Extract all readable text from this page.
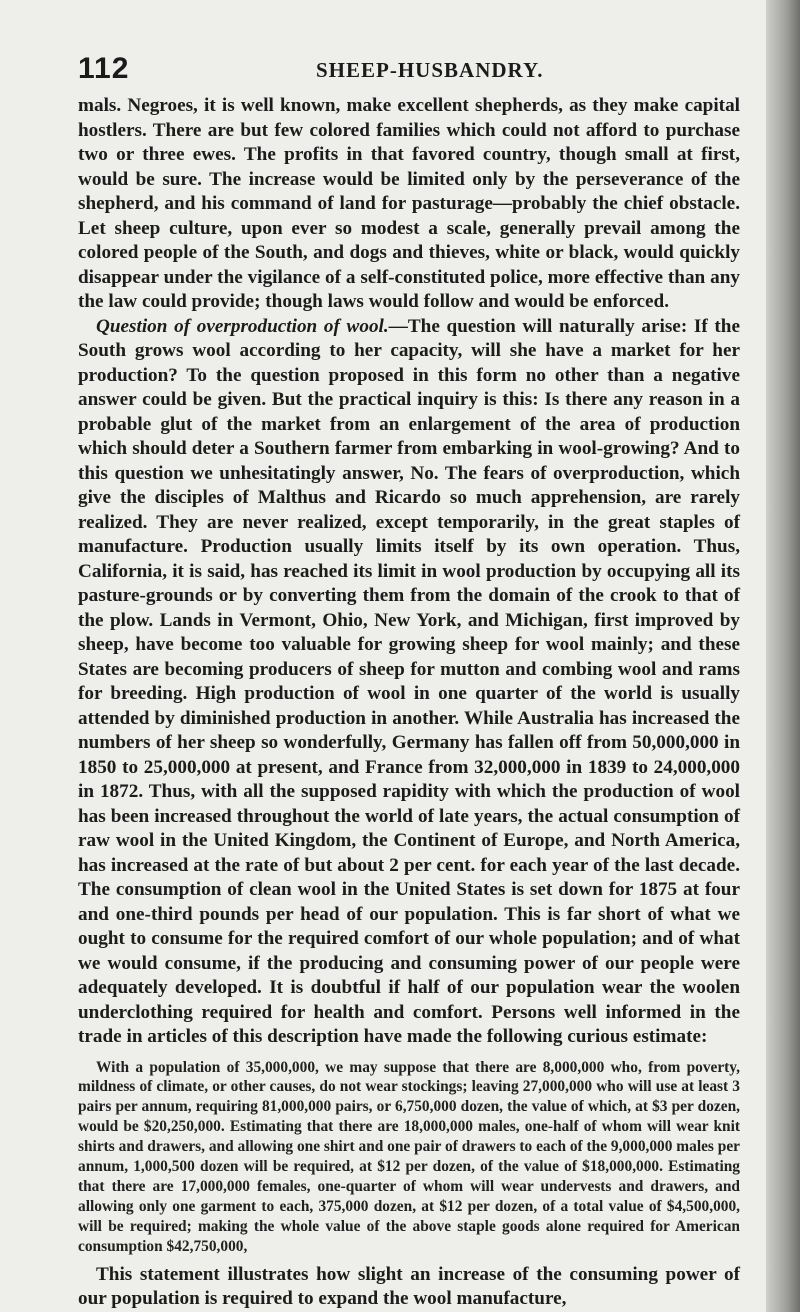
112	SHEEP-HUSBANDRY.

mals. Negroes, it is well known, make excellent shepherds, as they make capital hostlers. There are but few colored families which could not afford to purchase two or three ewes. The profits in that favored country, though small at first, would be sure. The increase would be limited only by the perseverance of the shepherd, and his command of land for pasturage—probably the chief obstacle. Let sheep culture, upon ever so modest a scale, generally prevail among the colored people of the South, and dogs and thieves, white or black, would quickly disappear under the vigilance of a self-constituted police, more effective than any the law could provide; though laws would follow and would be enforced.

Question of overproduction of wool.—The question will naturally arise: If the South grows wool according to her capacity, will she have a market for her production? To the question proposed in this form no other than a negative answer could be given. But the practical inquiry is this: Is there any reason in a probable glut of the market from an enlargement of the area of production which should deter a Southern farmer from embarking in wool-growing? And to this question we unhesitatingly answer, No. The fears of overproduction, which give the disciples of Malthus and Ricardo so much apprehension, are rarely realized. They are never realized, except temporarily, in the great staples of manufacture. Production usually limits itself by its own operation. Thus, California, it is said, has reached its limit in wool production by occupying all its pasture-grounds or by converting them from the domain of the crook to that of the plow. Lands in Vermont, Ohio, New York, and Michigan, first improved by sheep, have become too valuable for growing sheep for wool mainly; and these States are becoming producers of sheep for mutton and combing wool and rams for breeding. High production of wool in one quarter of the world is usually attended by diminished production in another. While Australia has increased the numbers of her sheep so wonderfully, Germany has fallen off from 50,000,000 in 1850 to 25,000,000 at present, and France from 32,000,000 in 1839 to 24,000,000 in 1872. Thus, with all the supposed rapidity with which the production of wool has been increased throughout the world of late years, the actual consumption of raw wool in the United Kingdom, the Continent of Europe, and North America, has increased at the rate of but about 2 per cent. for each year of the last decade. The consumption of clean wool in the United States is set down for 1875 at four and one-third pounds per head of our population. This is far short of what we ought to consume for the required comfort of our whole population; and of what we would consume, if the producing and consuming power of our people were adequately developed. It is doubtful if half of our population wear the woolen underclothing required for health and comfort. Persons well informed in the trade in articles of this description have made the following curious estimate:

With a population of 35,000,000, we may suppose that there are 8,000,000 who, from poverty, mildness of climate, or other causes, do not wear stockings; leaving 27,000,000 who will use at least 3 pairs per annum, requiring 81,000,000 pairs, or 6,750,000 dozen, the value of which, at $3 per dozen, would be $20,250,000. Estimating that there are 18,000,000 males, one-half of whom will wear knit shirts and drawers, and allowing one shirt and one pair of drawers to each of the 9,000,000 males per annum, 1,000,500 dozen will be required, at $12 per dozen, of the value of $18,000,000. Estimating that there are 17,000,000 females, one-quarter of whom will wear undervests and drawers, and allowing only one garment to each, 375,000 dozen, at $12 per dozen, of a total value of $4,500,000, will be required; making the whole value of the above staple goods alone required for American consumption $42,750,000,

This statement illustrates how slight an increase of the consuming power of our population is required to expand the wool manufacture,
